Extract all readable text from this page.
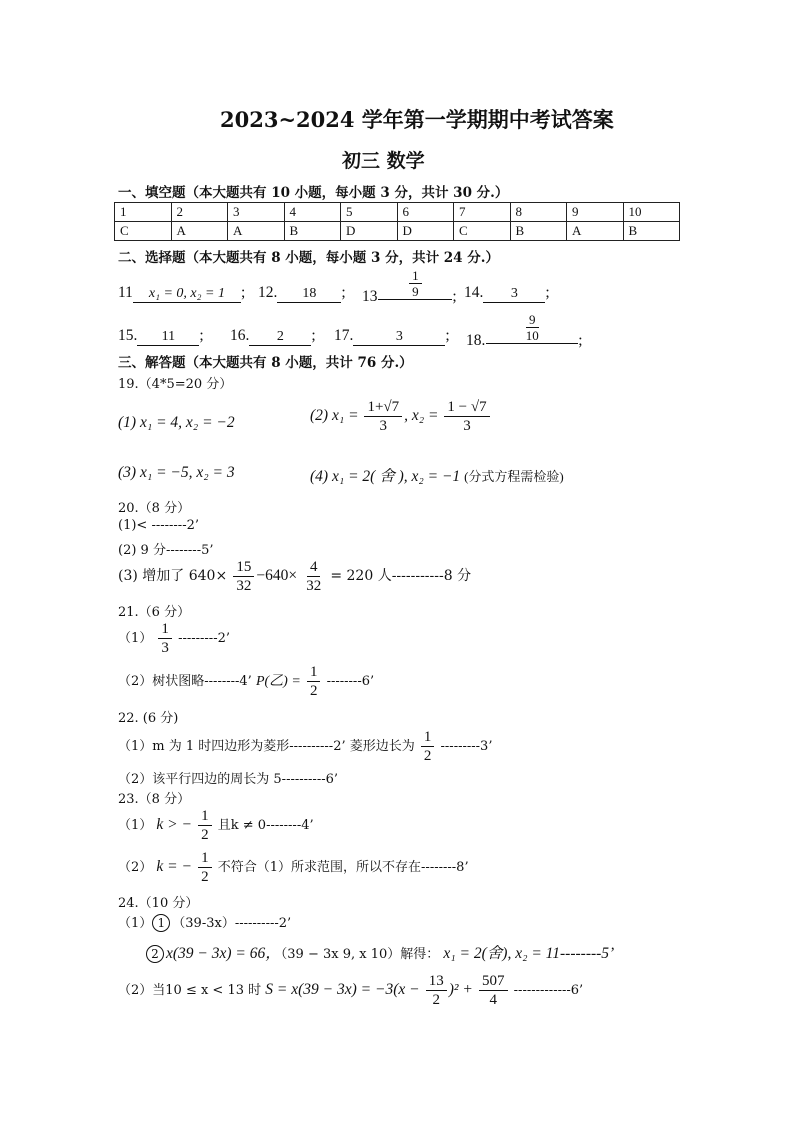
2023~2024 学年第一学期期中考试答案
初三 数学
一、填空题（本大题共有 10 小题，每小题 3 分，共计 30 分.）
1	2	3	4	5	6	7	8	9	10
C	A	A	B	D	D	C	B	A	B
二、选择题（本大题共有 8 小题，每小题 3 分，共计 24 分.）
11 x₁ = 0, x₂ = 1 ; 12. 18 ; $13 \frac{1}{9}$ ; 14. 3 ;
15. 11 ; 16. 2 ; 17.	3	; 18.	$\frac{9}{10}$ ;
三、解答题（本大题共有 8 小题，共计 76 分.）
19.（4*5=20 分）
(1) x₁ = 4, x₂ = −2	(2) $x_1 = \frac{1+√7}{3}$ , $x_2 = \frac{1 - √7}{3}$
(3) x₁ = −5, x₂ = 3	(4) x₁ = 2( 舍 ), x₂ = −1 (分式方程需检验)
20.（8 分）
(1)< --------2’
(2) 9 分--------5’
(3) 增加了 $640\times \frac{15}{32} -640\times \frac{4}{32} = 220$ 人-----------8 分
21.（6 分）
$(1) \frac{1}{3} ---------2$’
（2）树状图略--------4’ P(乙) = $\frac{1}{2} --------6$’
22. (6 分)
（1）m 为 1 时四边形为菱形----------2’ 菱形边长为 $\frac{1}{2} ---------3$’
（2）该平行四边的周长为 5----------6’
23.（8 分）
（1） k > − $\frac{1}{2}$ 且k ≠ 0--------4’
（2） k = − $\frac{1}{2}$ 不符合（1）所求范围，所以不存在--------8’
24.（10 分）
（1） 1 （39-3x）----------2’
2 x(39 − 3x) = 66，（39 − 3x 9, x 10）解得： x₁ = 2(舍), x₂ = 11--------5’
（2）当10 ≤ x < 13 时 $S = x(39 - 3x) = -3(x - \frac{13}{2} )^2 + \frac{507}{4} -------------6$’
